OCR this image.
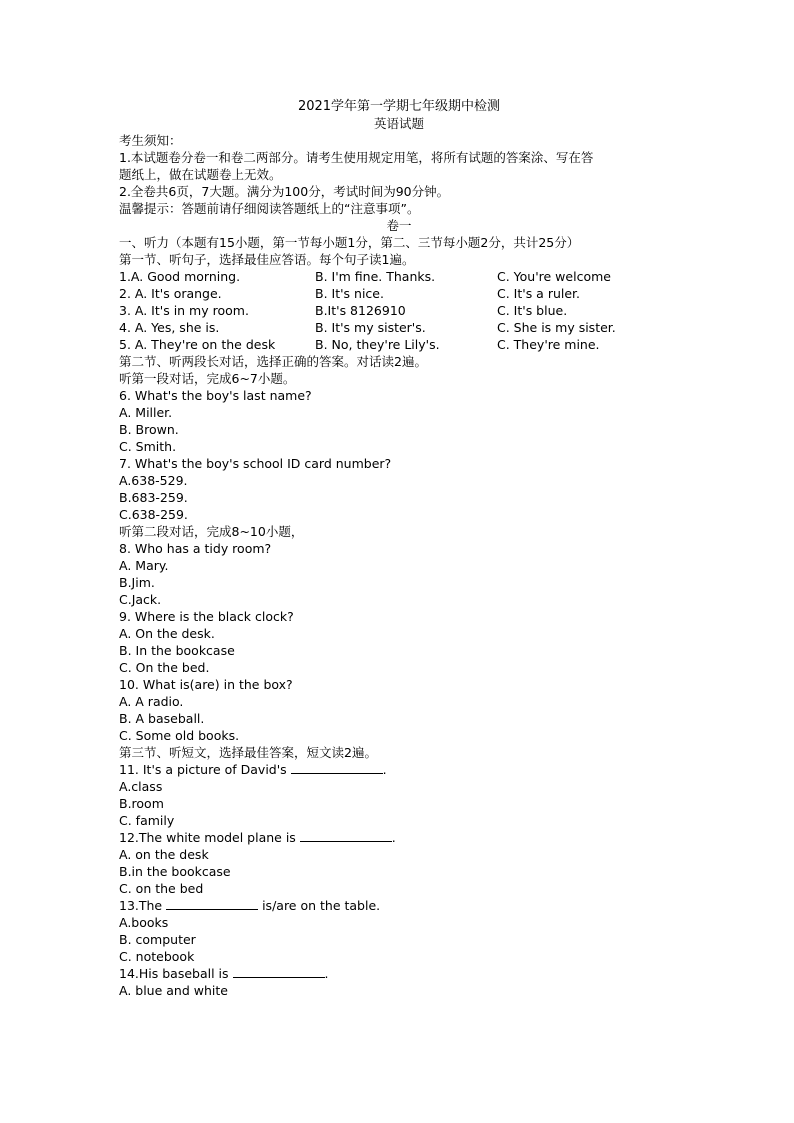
2021学年第一学期七年级期中检测
英语试题
考生须知：
1.本试题卷分卷一和卷二两部分。请考生使用规定用笔，将所有试题的答案涂、写在答
题纸上，做在试题卷上无效。
2.全卷共6页，7大题。满分为100分，考试时间为90分钟。
温馨提示：答题前请仔细阅读答题纸上的“注意事项”。
卷一
一、听力（本题有15小题，第一节每小题1分，第二、三节每小题2分，共计25分）
第一节、听句子，选择最佳应答语。每个句子读1遍。
1.A. Good morning.	B. I'm fine. Thanks.	C. You're welcome
2. A. It's orange.	B. It's nice.	C. It's a ruler.
3. A. It's in my room.	B.It's 8126910	C. It's blue.
4. A. Yes, she is.	B. It's my sister's.	C. She is my sister.
5. A. They're on the desk	B. No, they're Lily's.	C. They're mine.
第二节、听两段长对话，选择正确的答案。对话读2遍。
听第一段对话，完成6~7小题。
6. What's the boy's last name?
A. Miller.
B. Brown.
C. Smith.
7. What's the boy's school ID card number?
A.638-529.
B.683-259.
C.638-259.
听第二段对话，完成8~10小题，
8. Who has a tidy room?
A. Mary.
B.Jim.
C.Jack.
9. Where is the black clock?
A. On the desk.
B. In the bookcase
C. On the bed.
10. What is(are) in the box?
A. A radio.
B. A baseball.
C. Some old books.
第三节、听短文，选择最佳答案，短文读2遍。
11. It's a picture of David's	.
A.class
B.room
C. family
12.The white model plane is	.
A. on the desk
B.in the bookcase
C. on the bed
13.The	is/are on the table.
A.books
B. computer
C. notebook
14.His baseball is	.
A. blue and white
